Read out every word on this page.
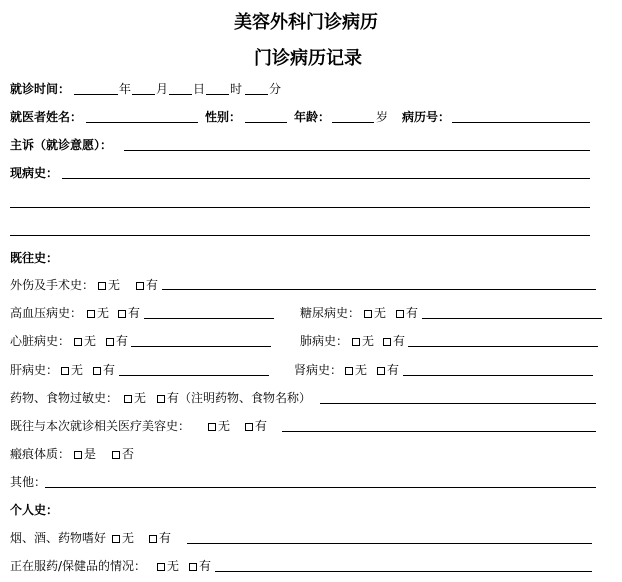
美容外科门诊病历
门诊病历记录
就诊时间：	年 月 日 时 分
就医者姓名：	性别：	年龄：	岁 病历号：
主诉（就诊意愿）：
现病史：
既往史：
外伤及手术史：	无	有
高血压病史：	无	有	糖尿病史：	无	有
心脏病史：	无	有	肺病史：	无	有
肝病史：	无	有	肾病史：	无	有
药物、食物过敏史：	无	有（注明药物、食物名称）
既往与本次就诊相关医疗美容史：	无	有
瘢痕体质：	是	否
其他：
个人史：
烟、酒、药物嗜好	无	有
正在服药/保健品的情况：	无	有
